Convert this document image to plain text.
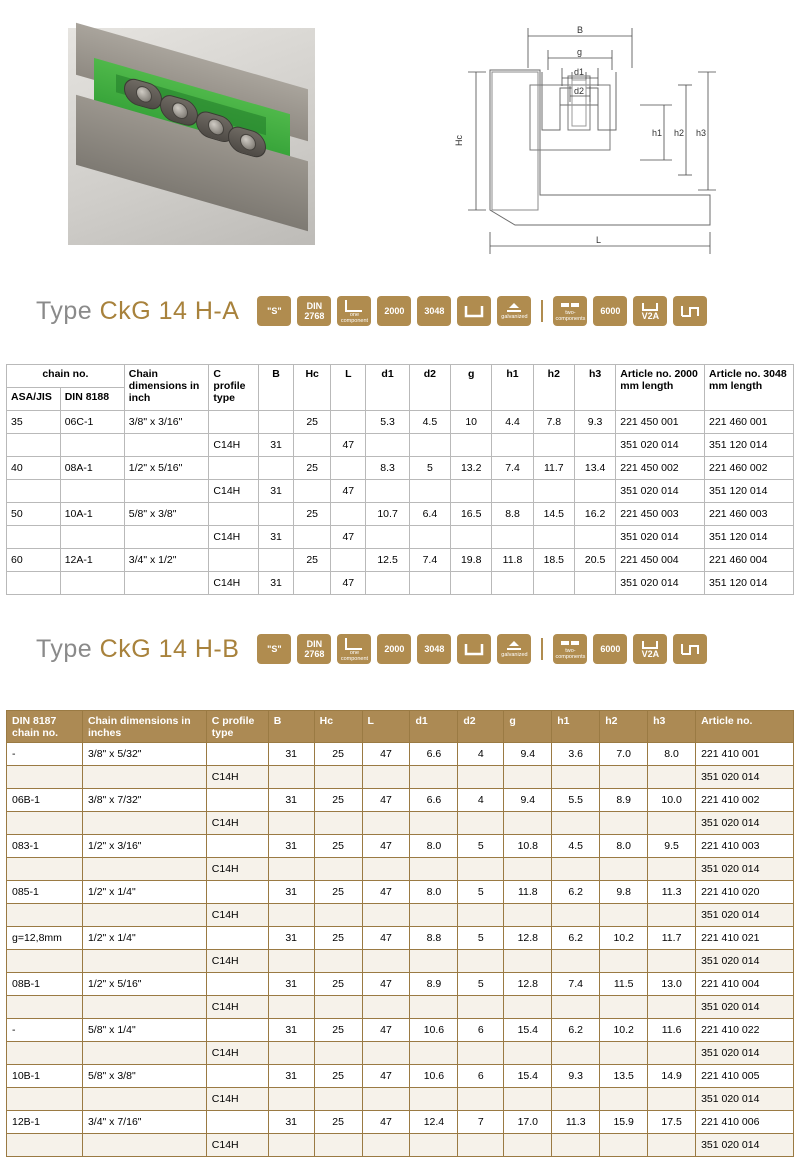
B
g
d1
d2
Hc
h1 h2 h3
L
Type CkG 14 H-A	"S"	DIN
2768	one component
2000 3048
galvanized
two-components
6000 V2A
chain no.		Chain dimensions in inch	C profile type	B	Hc	L	d1	d2	g	h1	h2	h3	Article no. 2000 mm length	Article no. 3048 mm length
ASA/JIS	DIN 8188													
35	06C-1	3/8" x 3/16"			25		5.3	4.5	10	4.4	7.8	9.3	221 450 001	221 460 001
			C14H	31		47							351 020 014	351 120 014
40	08A-1	1/2" x 5/16"			25		8.3	5	13.2	7.4	11.7	13.4	221 450 002	221 460 002
			C14H	31		47							351 020 014	351 120 014
50	10A-1	5/8" x 3/8"			25		10.7	6.4	16.5	8.8	14.5	16.2	221 450 003	221 460 003
			C14H	31		47							351 020 014	351 120 014
60	12A-1	3/4" x 1/2"			25		12.5	7.4	19.8	11.8	18.5	20.5	221 450 004	221 460 004
			C14H	31		47							351 020 014	351 120 014
Type CkG 14 H-B	"S"	DIN
2768	one component
2000 3048
galvanized
two-components
6000 V2A
DIN 8187 chain no.	Chain dimensions in inches	C profile type	B	Hc	L	d1	d2	g	h1	h2	h3	Article no.
-	3/8" x 5/32"		31	25	47	6.6	4	9.4	3.6	7.0	8.0	221 410 001
		C14H										351 020 014
06B-1	3/8" x 7/32"		31	25	47	6.6	4	9.4	5.5	8.9	10.0	221 410 002
		C14H										351 020 014
083-1	1/2" x 3/16"		31	25	47	8.0	5	10.8	4.5	8.0	9.5	221 410 003
		C14H										351 020 014
085-1	1/2" x 1/4"		31	25	47	8.0	5	11.8	6.2	9.8	11.3	221 410 020
		C14H										351 020 014
g=12,8mm	1/2" x 1/4"		31	25	47	8.8	5	12.8	6.2	10.2	11.7	221 410 021
		C14H										351 020 014
08B-1	1/2" x 5/16"		31	25	47	8.9	5	12.8	7.4	11.5	13.0	221 410 004
		C14H										351 020 014
-	5/8" x 1/4"		31	25	47	10.6	6	15.4	6.2	10.2	11.6	221 410 022
		C14H										351 020 014
10B-1	5/8" x 3/8"		31	25	47	10.6	6	15.4	9.3	13.5	14.9	221 410 005
		C14H										351 020 014
12B-1	3/4" x 7/16"		31	25	47	12.4	7	17.0	11.3	15.9	17.5	221 410 006
		C14H										351 020 014
